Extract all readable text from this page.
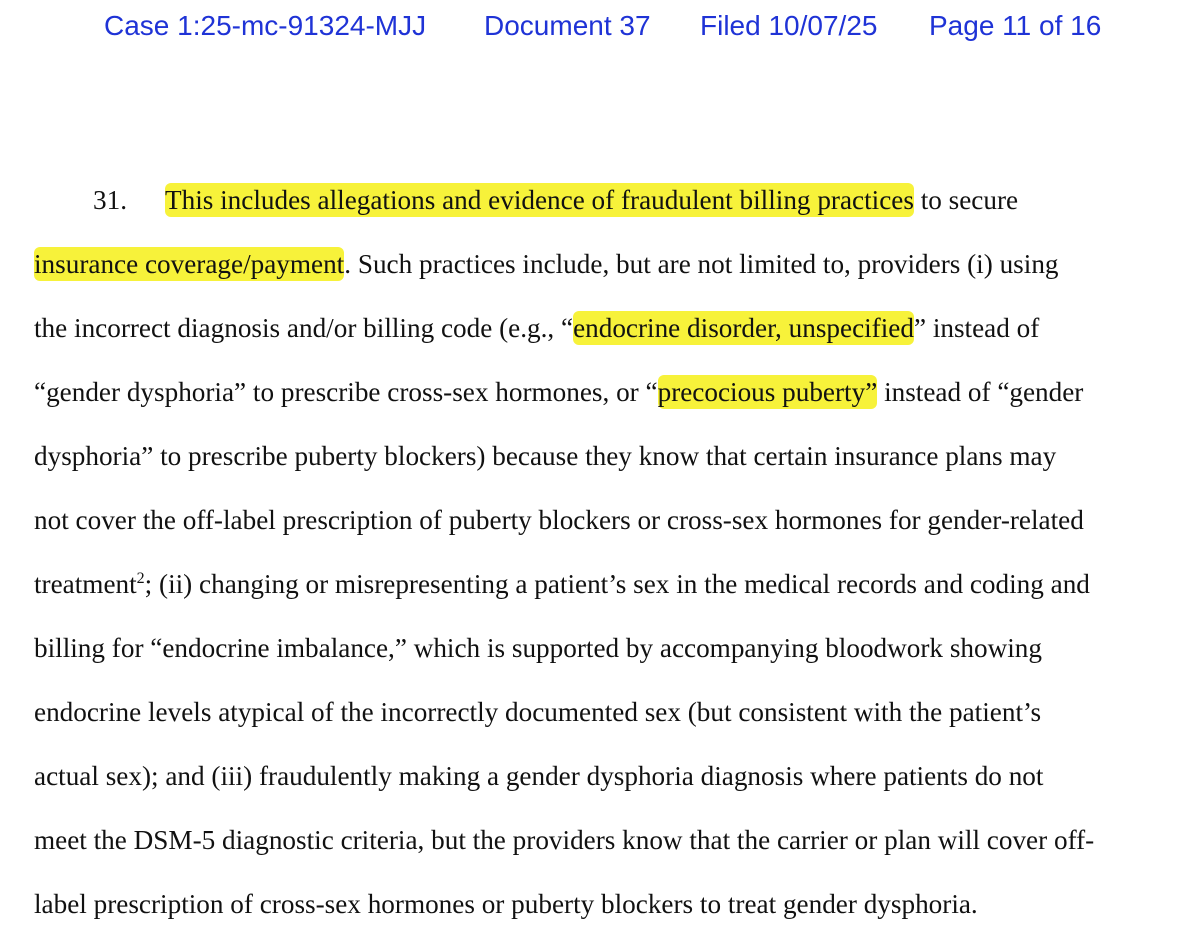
Case 1:25-mc-91324-MJJ Document 37 Filed 10/07/25 Page 11 of 16
31. This includes allegations and evidence of fraudulent billing practices to secure
insurance coverage/payment. Such practices include, but are not limited to, providers (i) using
the incorrect diagnosis and/or billing code (e.g., “endocrine disorder, unspecified” instead of
“gender dysphoria” to prescribe cross-sex hormones, or “precocious puberty” instead of “gender
dysphoria” to prescribe puberty blockers) because they know that certain insurance plans may
not cover the off-label prescription of puberty blockers or cross-sex hormones for gender-related
treatment$^2$; (ii) changing or misrepresenting a patient’s sex in the medical records and coding and
billing for “endocrine imbalance,” which is supported by accompanying bloodwork showing
endocrine levels atypical of the incorrectly documented sex (but consistent with the patient’s
actual sex); and (iii) fraudulently making a gender dysphoria diagnosis where patients do not
meet the DSM-5 diagnostic criteria, but the providers know that the carrier or plan will cover off-
label prescription of cross-sex hormones or puberty blockers to treat gender dysphoria.
